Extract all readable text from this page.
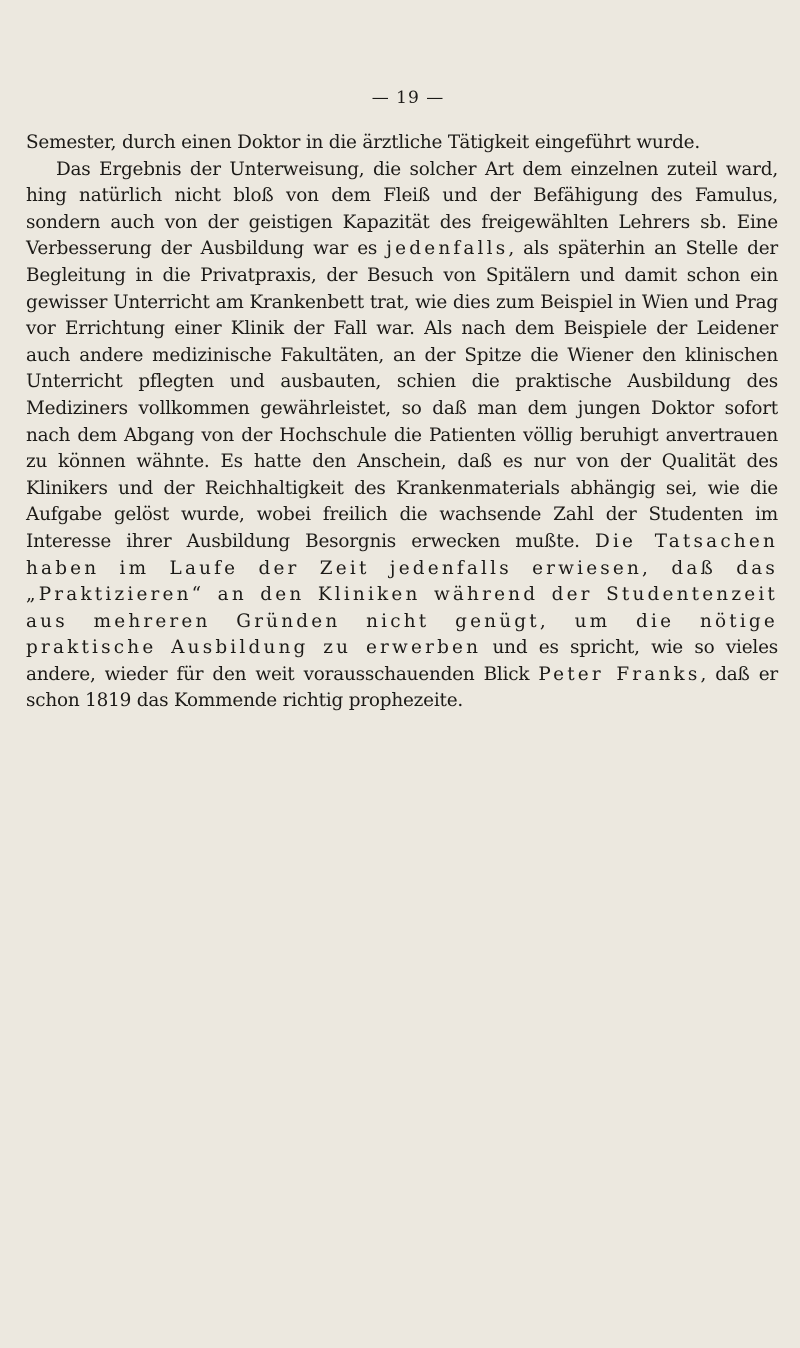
— 19 —

Semester, durch einen Doktor in die ärztliche Tätigkeit eingeführt wurde.

Das Ergebnis der Unterweisung, die solcher Art dem einzelnen zuteil ward, hing natürlich nicht bloß von dem Fleiß und der Befähigung des Famulus, sondern auch von der geistigen Kapazität des freigewählten Lehrers sb. Eine Verbesserung der Ausbildung war es jedenfalls, als späterhin an Stelle der Begleitung in die Privatpraxis, der Besuch von Spitälern und damit schon ein gewisser Unterricht am Krankenbett trat, wie dies zum Beispiel in Wien und Prag vor Errichtung einer Klinik der Fall war. Als nach dem Beispiele der Leidener auch andere medizinische Fakultäten, an der Spitze die Wiener den klinischen Unterricht pflegten und ausbauten, schien die praktische Ausbildung des Mediziners vollkommen gewährleistet, so daß man dem jungen Doktor sofort nach dem Abgang von der Hochschule die Patienten völlig beruhigt anvertrauen zu können wähnte. Es hatte den Anschein, daß es nur von der Qualität des Klinikers und der Reichhaltigkeit des Krankenmaterials abhängig sei, wie die Aufgabe gelöst wurde, wobei freilich die wachsende Zahl der Studenten im Interesse ihrer Ausbildung Besorgnis erwecken mußte. Die Tatsachen haben im Laufe der Zeit jedenfalls erwiesen, daß das „Praktizieren“ an den Kliniken während der Studentenzeit aus mehreren Gründen nicht genügt, um die nötige praktische Ausbildung zu erwerben und es spricht, wie so vieles andere, wieder für den weit vorausschauenden Blick Peter Franks, daß er schon 1819 das Kommende richtig prophezeite.
